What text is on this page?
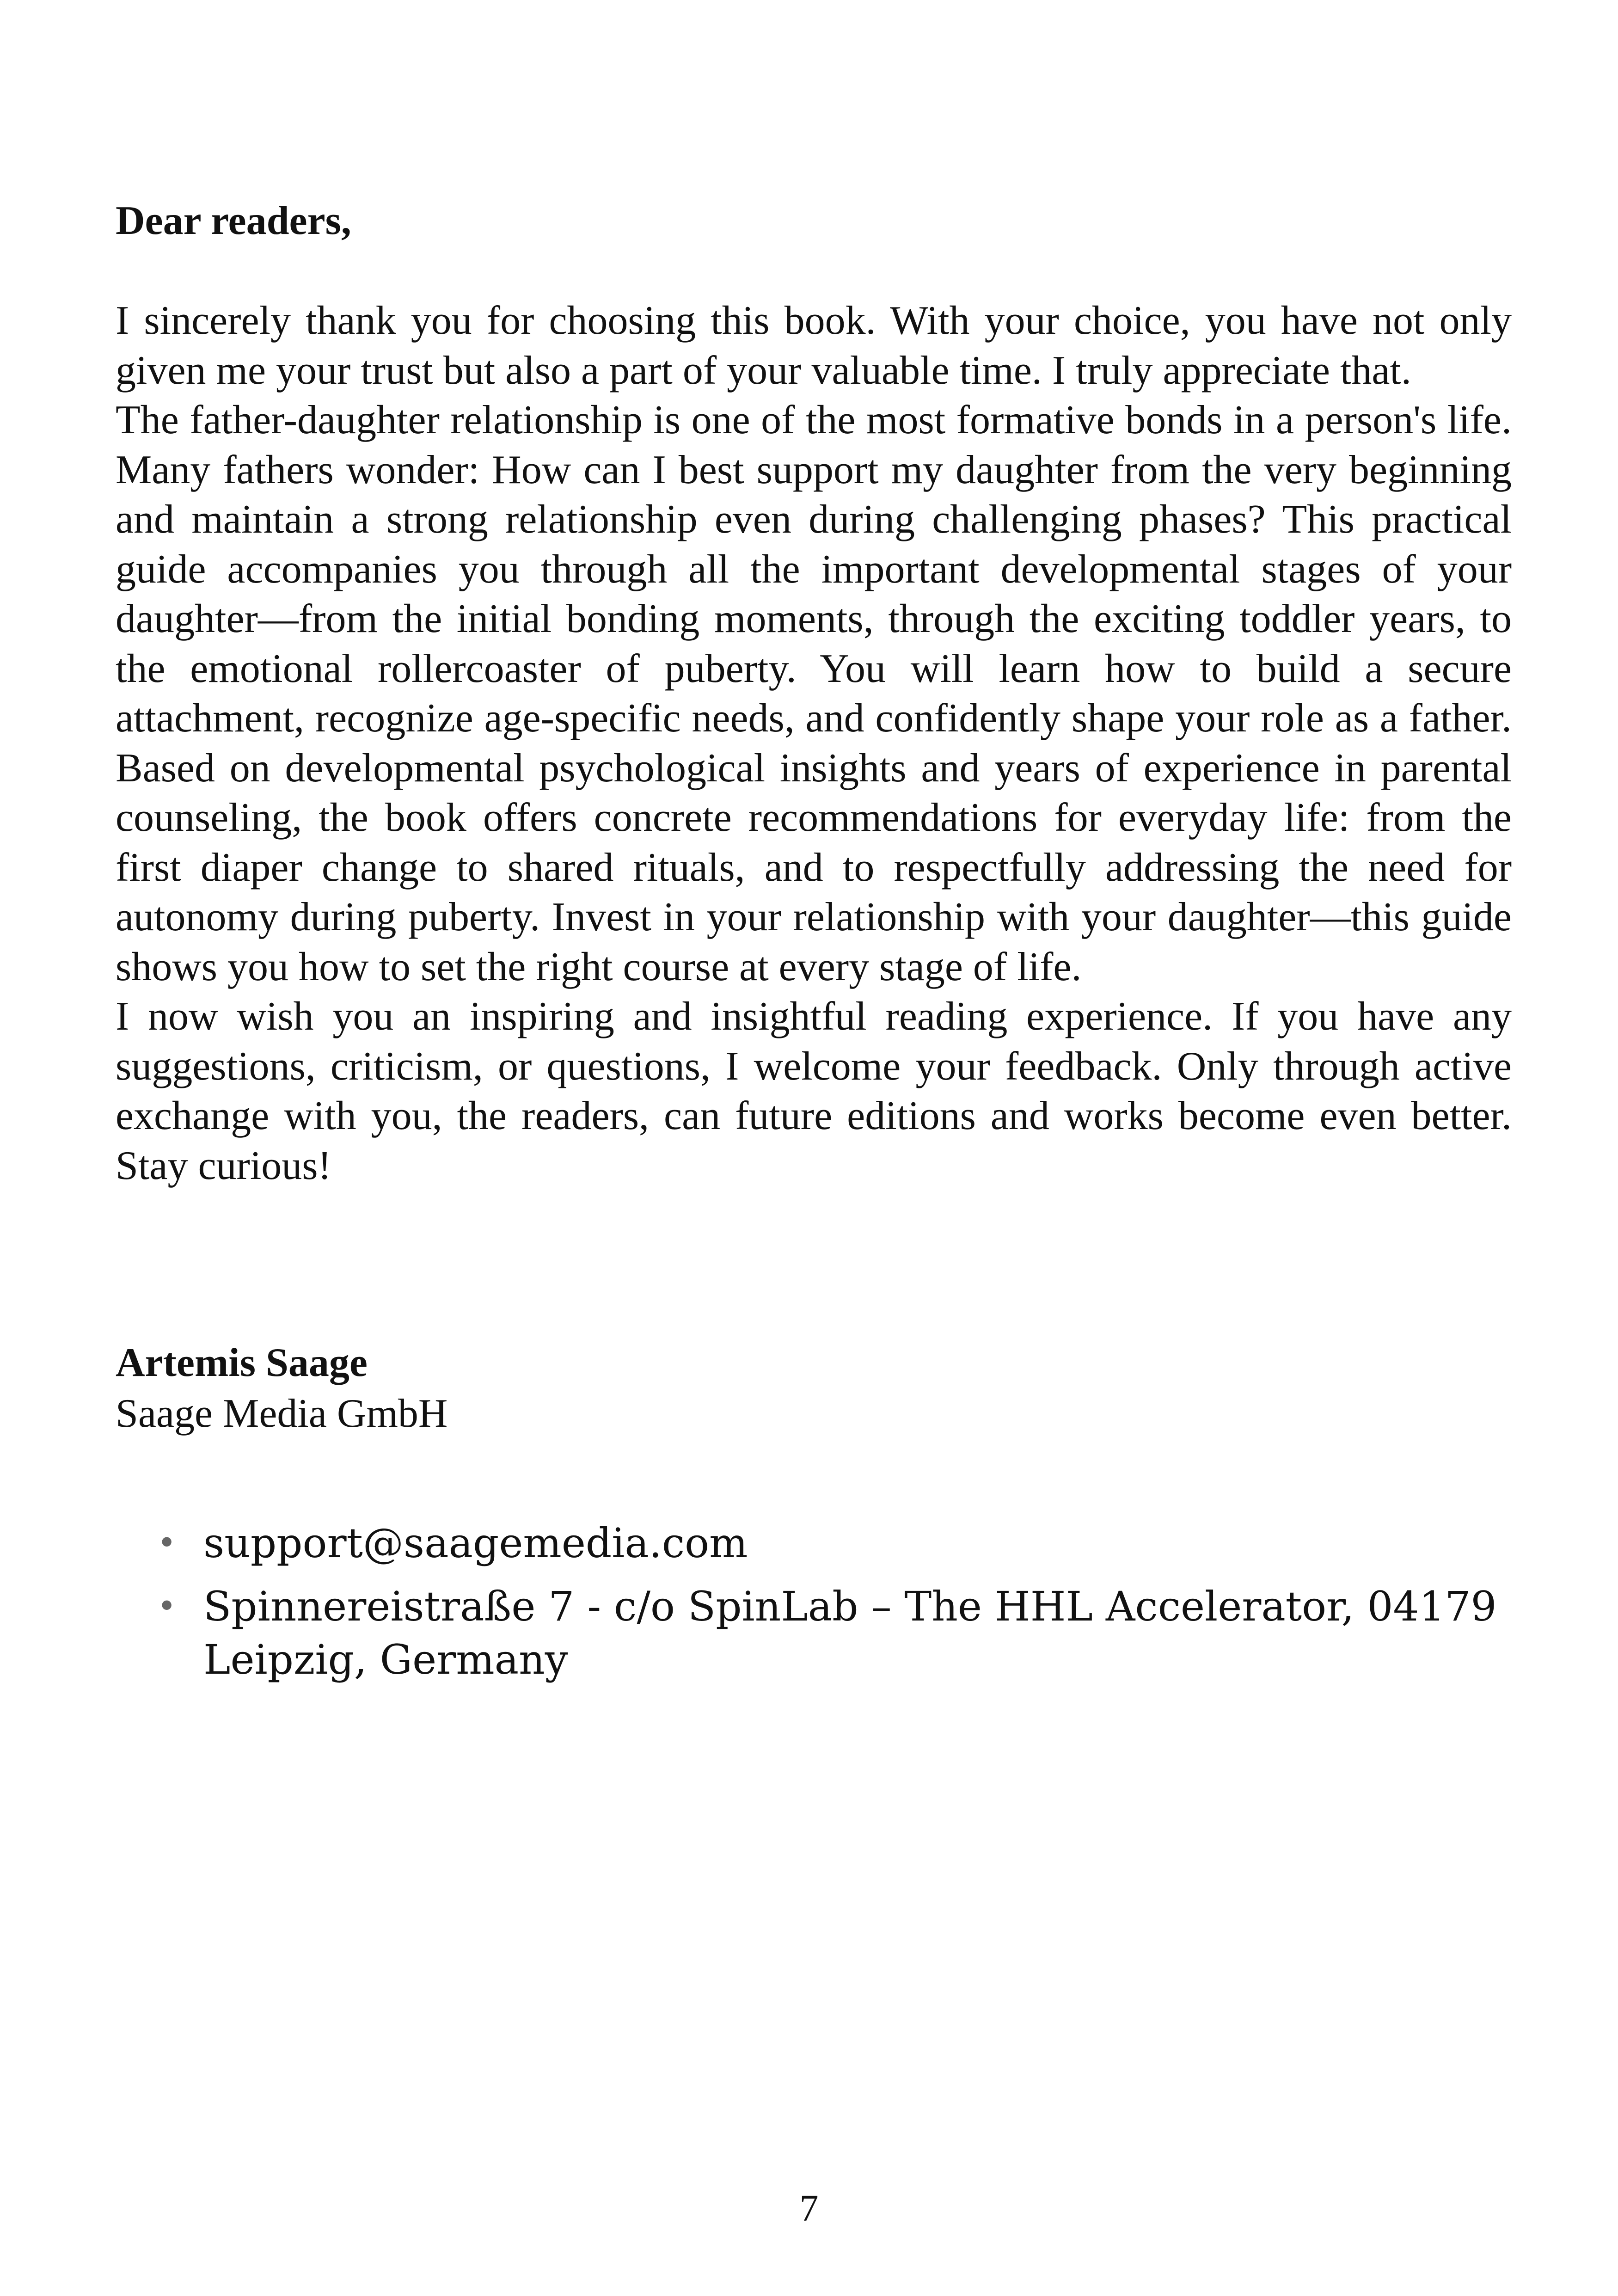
Dear readers,

I sincerely thank you for choosing this book. With your choice, you have not only given me your trust but also a part of your valuable time. I truly appreciate that.

The father-daughter relationship is one of the most formative bonds in a person's life. Many fathers wonder: How can I best support my daughter from the very beginning and maintain a strong relationship even during challenging phases? This practical guide accompanies you through all the important developmental stages of your daughter—from the initial bonding moments, through the exciting toddler years, to the emotional rollercoaster of puberty. You will learn how to build a secure attachment, recognize age-specific needs, and confidently shape your role as a father. Based on developmental psychological insights and years of experience in parental counseling, the book offers concrete recommendations for everyday life: from the first diaper change to shared rituals, and to respectfully addressing the need for autonomy during puberty. Invest in your relationship with your daughter—this guide shows you how to set the right course at every stage of life.

I now wish you an inspiring and insightful reading experience. If you have any suggestions, criticism, or questions, I welcome your feedback. Only through active exchange with you, the readers, can future editions and works become even better. Stay curious!

Artemis Saage
Saage Media GmbH
• support@saagemedia.com
• Spinnereistraße 7 - c/o SpinLab – The HHL Accelerator, 04179 Leipzig, Germany
7
